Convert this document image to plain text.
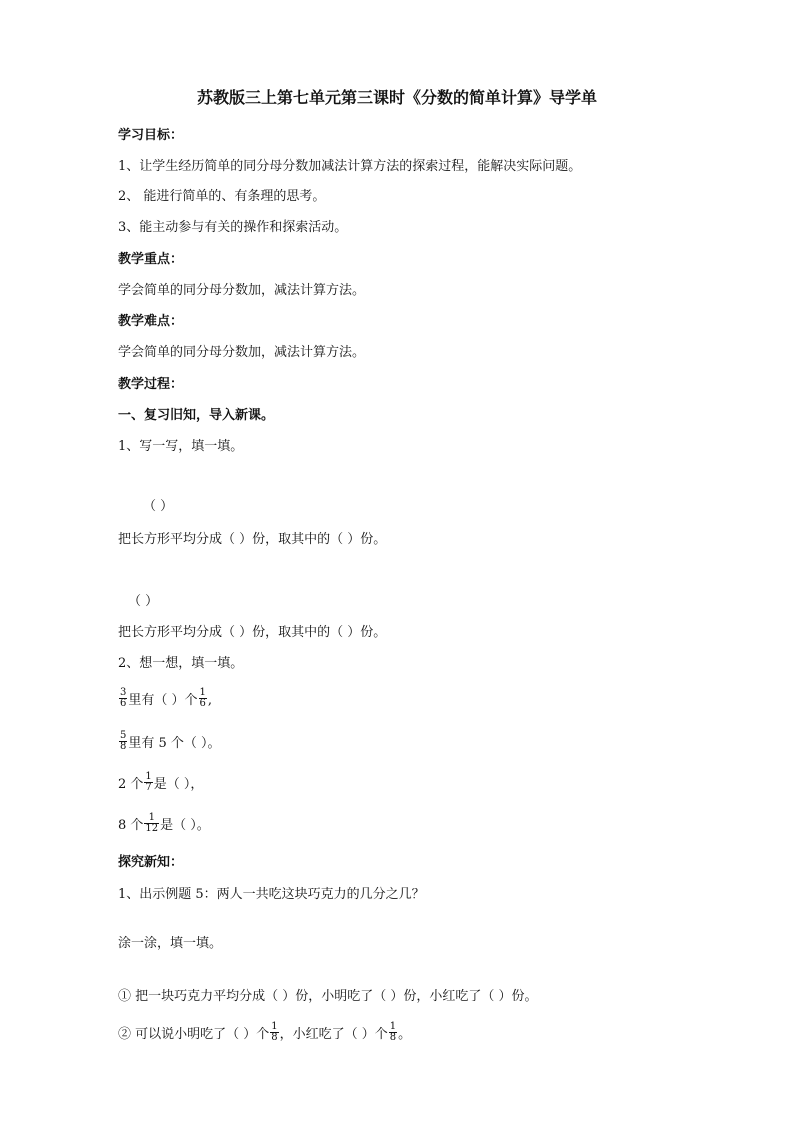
苏教版三上第七单元第三课时《分数的简单计算》导学单
学习目标：
1、让学生经历简单的同分母分数加减法计算方法的探索过程，能解决实际问题。
2、 能进行简单的、有条理的思考。
3、能主动参与有关的操作和探索活动。
教学重点：
学会简单的同分母分数加，减法计算方法。
教学难点：
学会简单的同分母分数加，减法计算方法。
教学过程：
一、复习旧知，导入新课。
1、写一写，填一填。
（ ）
把长方形平均分成（ ）份，取其中的（ ）份。
（ ）
把长方形平均分成（ ）份，取其中的（ ）份。
2、想一想，填一填。
$\frac{3}{6}$ 里有（ ）个 $\frac{1}{6}$ ,
$\frac{5}{8}$ 里有 5 个（ ）。
2 个 $\frac{1}{7}$ 是（ ），
8 个 $\frac{1}{12}$ 是（ ）。
探究新知：
1、出示例题 5：两人一共吃这块巧克力的几分之几？
涂一涂，填一填。
① 把一块巧克力平均分成（ ）份，小明吃了（ ）份，小红吃了（ ）份。
② 可以说小明吃了（ ）个 $\frac{1}{8}$ ，小红吃了（ ）个 $\frac{1}{8}$ 。
